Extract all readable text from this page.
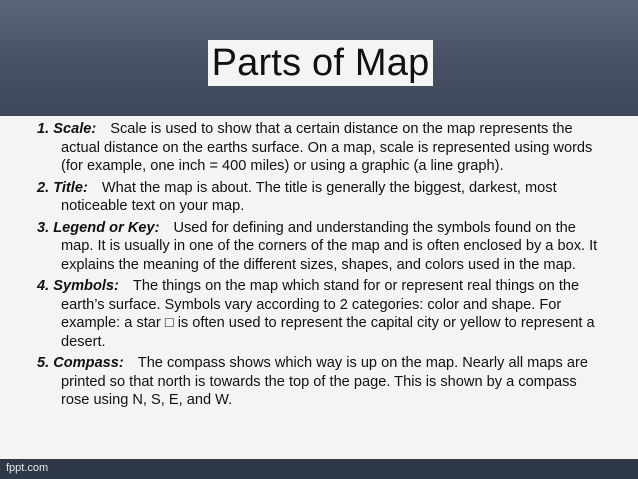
Parts of Map
1. Scale: Scale is used to show that a certain distance on the map represents the actual distance on the earths surface. On a map, scale is represented using words (for example, one inch = 400 miles) or using a graphic (a line graph).
2. Title: What the map is about. The title is generally the biggest, darkest, most noticeable text on your map.
3. Legend or Key: Used for defining and understanding the symbols found on the map. It is usually in one of the corners of the map and is often enclosed by a box. It explains the meaning of the different sizes, shapes, and colors used in the map.
4. Symbols: The things on the map which stand for or represent real things on the earth’s surface. Symbols vary according to 2 categories: color and shape. For example: a star □ is often used to represent the capital city or yellow to represent a desert.
5. Compass: The compass shows which way is up on the map. Nearly all maps are printed so that north is towards the top of the page. This is shown by a compass rose using N, S, E, and W.
fppt.com
